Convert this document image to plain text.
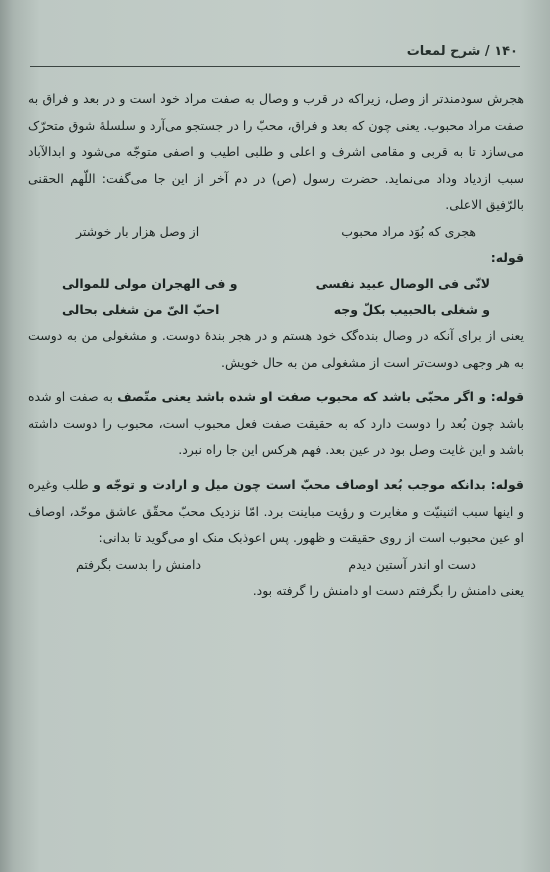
۱۴۰ / شرح لمعات

هجرش سودمندتر از وصل، زیراکه در قرب و وصال به صفت مراد خود است و در بعد و فراق به صفت مراد محبوب. یعنی چون که بعد و فراق، محبّ را در جستجو می‌آرد و سلسلهٔ شوق متحرّک می‌سازد تا به قربی و مقامی اشرف و اعلی و طلبی اطیب و اصفی متوجّه می‌شود و ابدالآباد سبب ازدیاد وداد می‌نماید. حضرت رسول (ص) در دم آخر از این جا می‌گفت: اللّهم الحقنی بالرّفیق الاعلی.

هجری که بُوَد مراد محبوب
از وصل هزار بار خوشتر

قوله:

لانّی فی الوصال عبید نفسی
و فی الهجران مولی للموالی
و شغلی بالحبیب بکلّ وجه
احبّ الیّ من شغلی بحالی

یعنی از برای آنکه در وصال بنده‌گک خود هستم و در هجر بندهٔ دوست. و مشغولی من به دوست به هر وجهی دوست‌تر است از مشغولی من به حال خویش.

قوله: و اگر محبّی باشد که محبوب صفت او شده باشد یعنی متّصف به صفت او شده باشد چون بُعد را دوست دارد که به حقیقت صفت فعل محبوب است، محبوب را دوست داشته باشد و این غایت وصل بود در عین بعد. فهم هرکس این جا راه نبرد.

قوله: بدانکه موجب بُعد اوصاف محبّ است چون میل و ارادت و توجّه و طلب وغیره و اینها سبب اثنینیّت و مغایرت و رؤیت مباینت برد. امّا نزدیک محبّ محقّق عاشق موحّد، اوصاف او عین محبوب است از روی حقیقت و ظهور. پس اعوذبک منک او می‌گوید تا بدانی:

دست او اندر آستین دیدم
دامنش را بدست بگرفتم

یعنی دامنش را بگرفتم دست او دامنش را گرفته بود.
